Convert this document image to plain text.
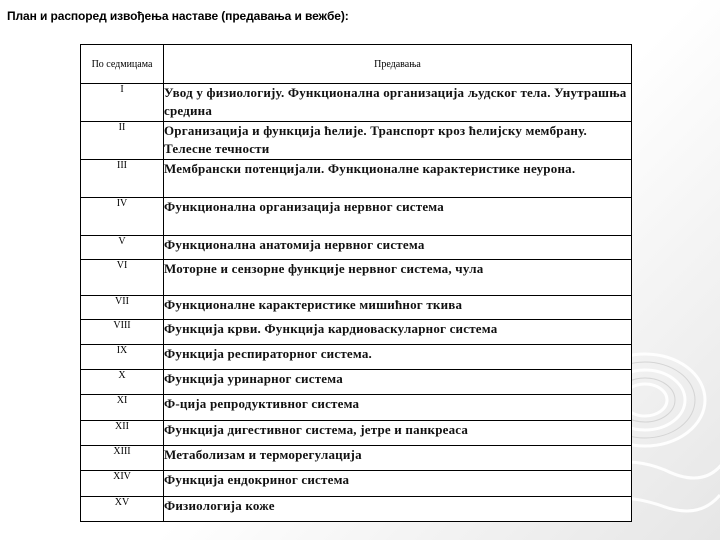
План и распоред извођења наставе (предавања и вежбе):
По седмицама	Предавања
I	Увод у физиологију. Функционална организација људског тела. Унутрашња средина
II	Организација и функција ћелије. Транспорт кроз ћелијску мембрану. Телесне течности
III	Мембрански потенцијали. Функционалне карактеристике неурона.
IV	Функционална организација нервног система
V	Функционална анатомија нервног система
VI	Моторне и сензорне функције нервног система, чула
VII	Функционалне карактеристике мишићног ткива
VIII	Функција крви. Функција кардиоваскуларног система
IX	Функција респираторног система.
X	Функција уринарног система
XI	Ф-ција репродуктивног система
XII	Функција дигестивног система, јетре и панкреаса
XIII	Метаболизам и терморегулација
XIV	Функција ендокриног система
XV	Физиологија коже
